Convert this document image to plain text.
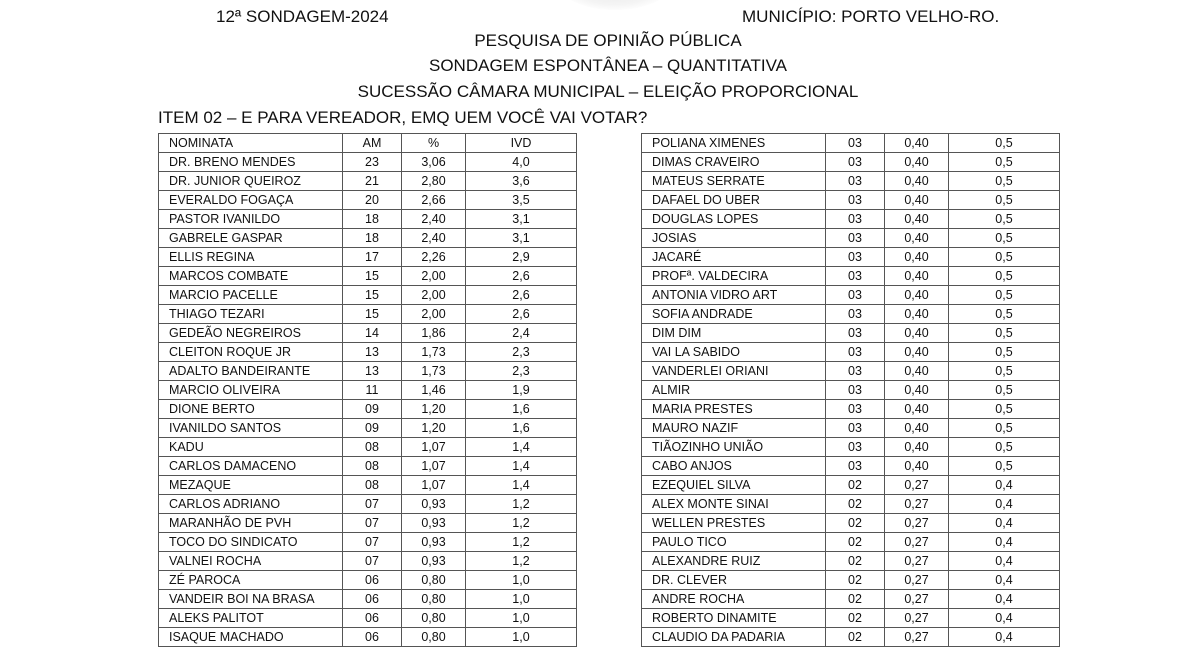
12ª SONDAGEM-2024	MUNICÍPIO: PORTO VELHO-RO.
PESQUISA DE OPINIÃO PÚBLICA
SONDAGEM ESPONTÂNEA – QUANTITATIVA
SUCESSÃO CÂMARA MUNICIPAL – ELEIÇÃO PROPORCIONAL
ITEM 02 – E PARA VEREADOR, EMQ UEM VOCÊ VAI VOTAR?
NOMINATA	AM	%	IVD
DR. BRENO MENDES	23	3,06	4,0
DR. JUNIOR QUEIROZ	21	2,80	3,6
EVERALDO FOGAÇA	20	2,66	3,5
PASTOR IVANILDO	18	2,40	3,1
GABRELE GASPAR	18	2,40	3,1
ELLIS REGINA	17	2,26	2,9
MARCOS COMBATE	15	2,00	2,6
MARCIO PACELLE	15	2,00	2,6
THIAGO TEZARI	15	2,00	2,6
GEDEÃO NEGREIROS	14	1,86	2,4
CLEITON ROQUE JR	13	1,73	2,3
ADALTO BANDEIRANTE	13	1,73	2,3
MARCIO OLIVEIRA	11	1,46	1,9
DIONE BERTO	09	1,20	1,6
IVANILDO SANTOS	09	1,20	1,6
KADU	08	1,07	1,4
CARLOS DAMACENO	08	1,07	1,4
MEZAQUE	08	1,07	1,4
CARLOS ADRIANO	07	0,93	1,2
MARANHÃO DE PVH	07	0,93	1,2
TOCO DO SINDICATO	07	0,93	1,2
VALNEI ROCHA	07	0,93	1,2
ZÉ PAROCA	06	0,80	1,0
VANDEIR BOI NA BRASA	06	0,80	1,0
ALEKS PALITOT	06	0,80	1,0
ISAQUE MACHADO	06	0,80	1,0
POLIANA XIMENES	03	0,40	0,5
DIMAS CRAVEIRO	03	0,40	0,5
MATEUS SERRATE	03	0,40	0,5
DAFAEL DO UBER	03	0,40	0,5
DOUGLAS LOPES	03	0,40	0,5
JOSIAS	03	0,40	0,5
JACARÉ	03	0,40	0,5
PROFª. VALDECIRA	03	0,40	0,5
ANTONIA VIDRO ART	03	0,40	0,5
SOFIA ANDRADE	03	0,40	0,5
DIM DIM	03	0,40	0,5
VAI LA SABIDO	03	0,40	0,5
VANDERLEI ORIANI	03	0,40	0,5
ALMIR	03	0,40	0,5
MARIA PRESTES	03	0,40	0,5
MAURO NAZIF	03	0,40	0,5
TIÃOZINHO UNIÃO	03	0,40	0,5
CABO ANJOS	03	0,40	0,5
EZEQUIEL SILVA	02	0,27	0,4
ALEX MONTE SINAI	02	0,27	0,4
WELLEN PRESTES	02	0,27	0,4
PAULO TICO	02	0,27	0,4
ALEXANDRE RUIZ	02	0,27	0,4
DR. CLEVER	02	0,27	0,4
ANDRE ROCHA	02	0,27	0,4
ROBERTO DINAMITE	02	0,27	0,4
CLAUDIO DA PADARIA	02	0,27	0,4
